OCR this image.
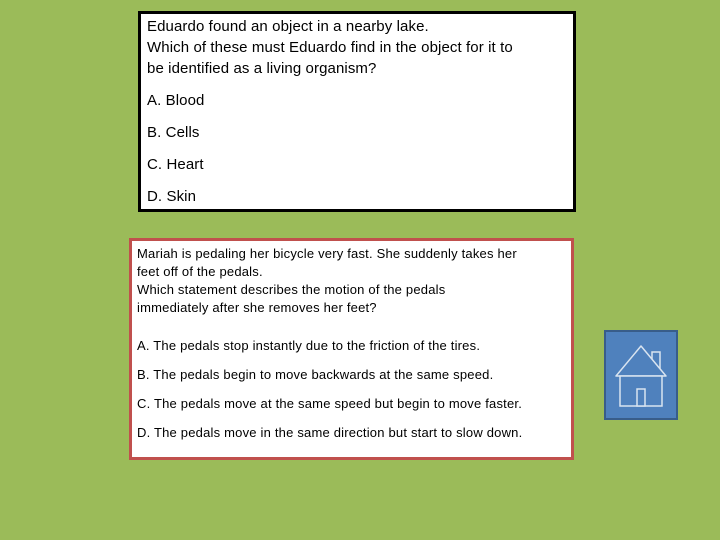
Eduardo found an object in a nearby lake.
Which of these must Eduardo find in the object for it to
be identified as a living organism?
A. Blood
B. Cells
C. Heart
D. Skin
Mariah is pedaling her bicycle very fast. She suddenly takes her
feet off of the pedals.
Which statement describes the motion of the pedals
immediately after she removes her feet?
A. The pedals stop instantly due to the friction of the tires.
B. The pedals begin to move backwards at the same speed.
C. The pedals move at the same speed but begin to move faster.
D. The pedals move in the same direction but start to slow down.
